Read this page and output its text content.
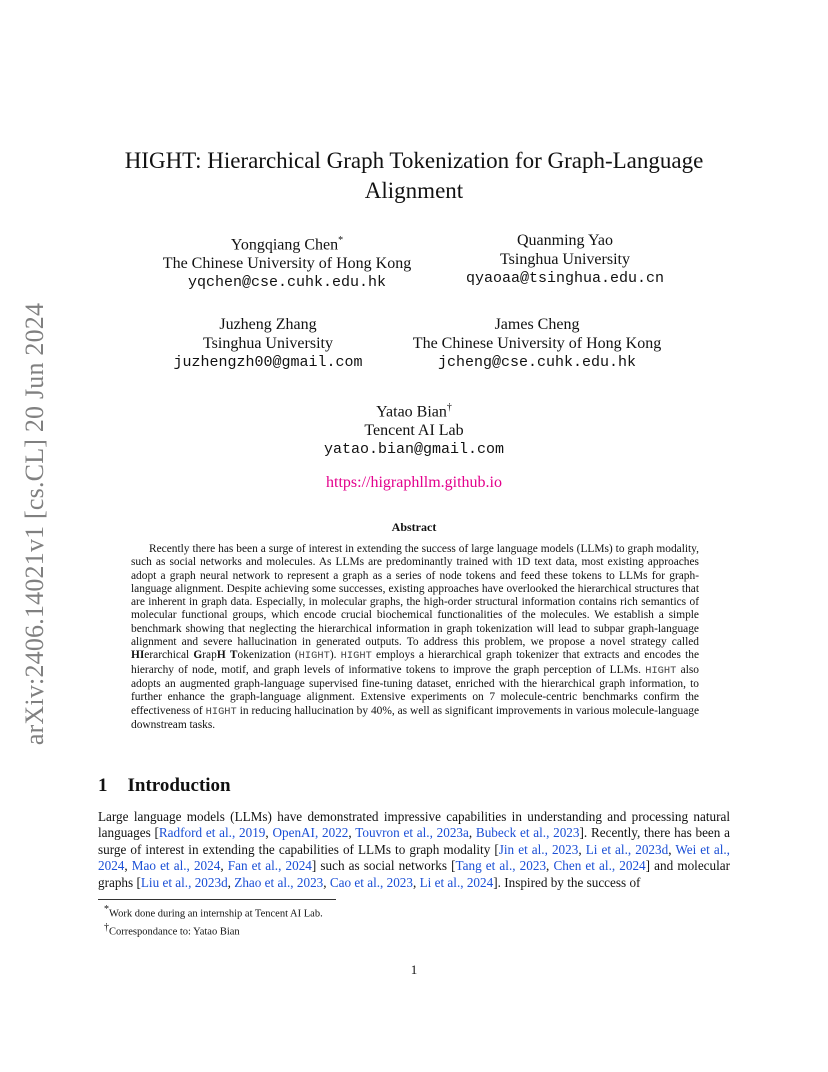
arXiv:2406.14021v1 [cs.CL] 20 Jun 2024
HIGHT: Hierarchical Graph Tokenization for Graph-Language Alignment
Yongqiang Chen*
The Chinese University of Hong Kong
yqchen@cse.cuhk.edu.hk
Quanming Yao
Tsinghua University
qyaoaa@tsinghua.edu.cn
Juzheng Zhang
Tsinghua University
juzhengzh00@gmail.com
James Cheng
The Chinese University of Hong Kong
jcheng@cse.cuhk.edu.hk
Yatao Bian†
Tencent AI Lab
yatao.bian@gmail.com
https://higraphllm.github.io
Abstract
Recently there has been a surge of interest in extending the success of large language models (LLMs) to graph modality, such as social networks and molecules. As LLMs are predominantly trained with 1D text data, most existing approaches adopt a graph neural network to represent a graph as a series of node tokens and feed these tokens to LLMs for graph-language alignment. Despite achieving some successes, existing approaches have overlooked the hierarchical structures that are inherent in graph data. Especially, in molecular graphs, the high-order structural information contains rich semantics of molecular functional groups, which encode crucial biochemical functionalities of the molecules. We establish a simple benchmark showing that neglecting the hierarchical information in graph tokenization will lead to subpar graph-language alignment and severe hallucination in generated outputs. To address this problem, we propose a novel strategy called HIerarchical GrapH Tokenization (HIGHT). HIGHT employs a hierarchical graph tokenizer that extracts and encodes the hierarchy of node, motif, and graph levels of informative tokens to improve the graph perception of LLMs. HIGHT also adopts an augmented graph-language supervised fine-tuning dataset, enriched with the hierarchical graph information, to further enhance the graph-language alignment. Extensive experiments on 7 molecule-centric benchmarks confirm the effectiveness of HIGHT in reducing hallucination by 40%, as well as significant improvements in various molecule-language downstream tasks.
1 Introduction
Large language models (LLMs) have demonstrated impressive capabilities in understanding and processing natural languages [Radford et al., 2019, OpenAI, 2022, Touvron et al., 2023a, Bubeck et al., 2023]. Recently, there has been a surge of interest in extending the capabilities of LLMs to graph modality [Jin et al., 2023, Li et al., 2023d, Wei et al., 2024, Mao et al., 2024, Fan et al., 2024] such as social networks [Tang et al., 2023, Chen et al., 2024] and molecular graphs [Liu et al., 2023d, Zhao et al., 2023, Cao et al., 2023, Li et al., 2024]. Inspired by the success of
*Work done during an internship at Tencent AI Lab.
†Correspondance to: Yatao Bian
1
